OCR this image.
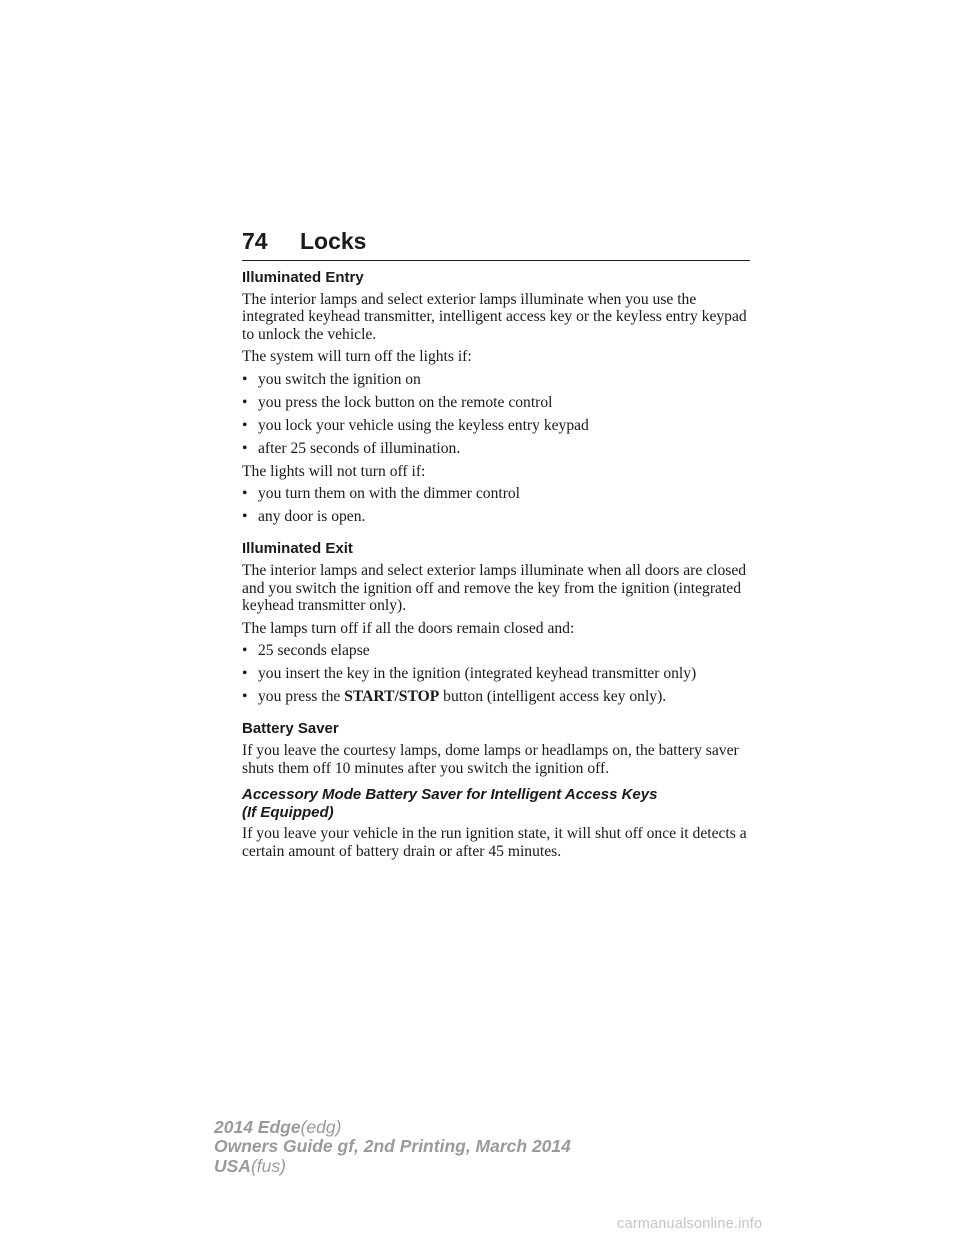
74	Locks
Illuminated Entry

The interior lamps and select exterior lamps illuminate when you use the integrated keyhead transmitter, intelligent access key or the keyless entry keypad to unlock the vehicle.

The system will turn off the lights if:

• you switch the ignition on
• you press the lock button on the remote control
• you lock your vehicle using the keyless entry keypad
• after 25 seconds of illumination.

The lights will not turn off if:

• you turn them on with the dimmer control
• any door is open.
Illuminated Exit

The interior lamps and select exterior lamps illuminate when all doors are closed and you switch the ignition off and remove the key from the ignition (integrated keyhead transmitter only).

The lamps turn off if all the doors remain closed and:

• 25 seconds elapse
• you insert the key in the ignition (integrated keyhead transmitter only)
• you press the START/STOP button (intelligent access key only).
Battery Saver

If you leave the courtesy lamps, dome lamps or headlamps on, the battery saver shuts them off 10 minutes after you switch the ignition off.

Accessory Mode Battery Saver for Intelligent Access Keys
(If Equipped)

If you leave your vehicle in the run ignition state, it will shut off once it detects a certain amount of battery drain or after 45 minutes.

2014 Edge(edg)
Owners Guide gf, 2nd Printing, March 2014
USA(fus)
carmanualsonline.info
